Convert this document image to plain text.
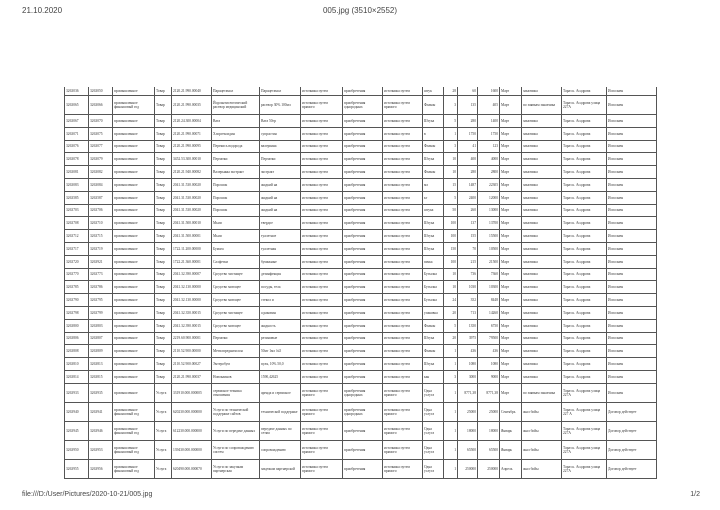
21.10.2020	005.jpg (3510×2552)
3263036	3263050	промышленное	Товар	2120.21.990.00040	Парацетамол	Парацетамол	источника путем	приобретения	источника путем	штук	28	60	1600	Март	заказчика	Тараз к. Асадрова	Исполнен
3263065	3263066	промышленное финансовый год	Товар	2120.21.990.00035	Йодоантисептический раствор медицинский	раствор 30% 100мл	источника путем прямого	приобретения однородных	источника путем прямого	Флакон	3	135	405	Март	по заявкам заказчика	Тараз к. Асадрова улица 227А	Исполнен
3263067	3263070	промышленное	Товар	2120.24.300.00004	Вата	Вата 50гр	источника путем	приобретения	источника путем	Штука	5	280	1400	Март	заказчика	Тараз к. Асадрова	Исполнен
3263071	3263075	промышленное	Товар	2120.21.990.00071	Хлоргексидин	супрастин	источника путем	приобретения	источника путем	в	1	1750	1750	Март	заказчика	Тараз к. Асадрова	Исполнен
3263076	3263077	промышленное	Товар	2120.21.990.00095	Перекись водорода	валериана	источника путем	приобретения	источника путем	Флакон	3	41	123	Март	заказчика	Тараз к. Асадрова	Исполнен
3263078	3263079	промышленное	Товар	3452.53.300.00010	Перчатки	Перчатки	источника путем	приобретения	источника путем	Штука	10	400	4000	Март	заказчика	Тараз к. Асадрова	Исполнен
3263081	3263082	промышленное	Товар	2120.21.940.00082	Валерьяны экстракт	экстракт	источника путем	приобретения	источника путем	Флакон	10	280	2800	Март	заказчика	Тараз к. Асадрова	Исполнен
3263083	3263084	промышленное	Товар	2041.31.530.00020	Порошок	жидкий на	источника путем	приобретения	источника путем	мл	15	1487	22305	Март	заказчика	Тараз к. Асадрова	Исполнен
3263585	3263587	промышленное	Товар	2041.31.530.00020	Порошок	жидкий на	источника путем	приобретения	источника путем	кг	5	2400	12000	Март	заказчика	Тараз к. Асадрова	Исполнен
3263703	3263706	промышленное	Товар	2041.31.530.00020	Порошок	жидкий на	источника путем	приобретения	источника путем	штука	50	260	13000	Март	заказчика	Тараз к. Асадрова	Исполнен
3263708	3263710	промышленное	Товар	2041.31.500.00010	Мыло	твердое	источника путем	приобретения	источника путем	Штука	100	137	13700	Март	заказчика	Тараз к. Асадрова	Исполнен
3263712	3263715	промышленное	Товар	2041.31.500.00001	Мыло	туалетное	источника путем	приобретения	источника путем	Штука	100	155	15500	Март	заказчика	Тараз к. Асадрова	Исполнен
3263717	3263719	промышленное	Товар	1722.11.200.00000	Бумага	туалетная	источника путем	приобретения	источника путем	Штука	150	70	10500	Март	заказчика	Тараз к. Асадрова	Исполнен
3263720	3263921	промышленное	Товар	1722.21.360.00001	Салфетки	бумажные	источника путем	приобретения	источника путем	пачка	100	215	21500	Март	заказчика	Тараз к. Асадрова	Исполнен
3263770	3263773	промышленное	Товар	2041.32.390.00007	Средство чистящее	дезинфекция	источника путем	приобретения	источника путем	Бутылка	10	736	7360	Март	заказчика	Тараз к. Асадрова	Исполнен
3263785	3263786	промышленное	Товар	2041.32.130.00000	Средство моющее	посуды, тела	источника путем	приобретения	источника путем	Бутылка	10	1030	10300	Март	заказчика	Тараз к. Асадрова	Исполнен
3263790	3263795	промышленное	Товар	2041.32.130.00000	Средство моющее	стекол и	источника путем	приобретения	источника путем	Бутылка	24	352	8448	Март	заказчика	Тараз к. Асадрова	Исполнен
3263798	3263799	промышленное	Товар	2041.32.350.00015	Средство чистящее	а раковин	источника путем	приобретения	источника путем	упаковка	20	713	14260	Март	заказчика	Тараз к. Асадрова	Исполнен
3263800	3263803	промышленное	Товар	2041.32.390.00015	Средство моющее	жидкость	источника путем	приобретения	источника путем	Флакон	5	1350	6750	Март	заказчика	Тараз к. Асадрова	Исполнен
3263806	3263807	промышленное	Товар	2219.60.900.00001	Перчатки	резиновые	источника путем	приобретения	источника путем	Штука	20	3975	79500	Март	заказчика	Тараз к. Асадрова	Исполнен
3263808	3263809	промышленное	Товар	2110.52.900.00000	Метилпреднизолон	50мг 1мл №5	источника путем	приобретения	источника путем	Флакон	1	436	436	Март	заказчика	Тараз к. Асадрова	Исполнен
3263810	3263813	промышленное	Товар	2110.52.900.00027	Энтеробум	пуля, 10% 50,0	источника путем	приобретения	источника путем	Штука	1	1080	1080	Март	заказчика	Тараз к. Асадрова	Исполнен
3263814	3263815	промышленное	Товар	2120.21.990.00037	Новокаинов	1590,42625	источника путем	приобретения	источника путем	кан	3	3000	9000	Март	заказчика	Тараз к. Асадрова	Исполнен
3263933	3263935	промышленное	Услуга	331910.000.000005	сервисное техника отношения	аренда и сервисное	источника путем прямого	приобретения однородных	источника путем прямого	Одна услуга	1	8771,38	8771,38	Март	по заявкам заказчика	Тараз к. Асадрова улица 227А	Исполнен
3263940	3263941	промышленное финансовый год	Услуга	620230.000.000000	Услуги по технической поддержке сайтов	технической поддержке	источника путем прямого	приобретения однородных	источника путем прямого	Одна услуга	1	25000	25000	Сентябрь	жыл бойы	Тараз к. Асадрова улица 227 А	Договор действует
3263945	3263946	промышленное финансовый год	Услуга	612230.000.000000	Услуги по передаче данных	передаче данных по сетям	источника путем прямого	приобретения	источника путем прямого	Одна услуга	1	18000	18000	Январь	жыл бойы	Тараз к. Асадрова улица 227А	Договор действует
3263950	3263953	промышленное финансовый год	Услуга	139430.000.000000	Услуги по сопровождению систем	сопровождению	источника путем прямого	приобретения	источника путем прямого	Одна услуга	1	65500	65500	Январь	жыл бойы	Тараз к. Асадрова улица 227А	Договор действует
3263955	3263956	промышленное финансовый год	Услуга	620490.000.000070	Услуги по закупкам партнерская	закупкам партнерской	источника путем прямого	приобретения	источника путем прямого	Одна услуга	1	250000	250000	Апрель	жыл бойы	Тараз к. Асадрова улица 227А	Договор действует
file:///D:/User/Pictures/2020-10-21/005.jpg	1/2
